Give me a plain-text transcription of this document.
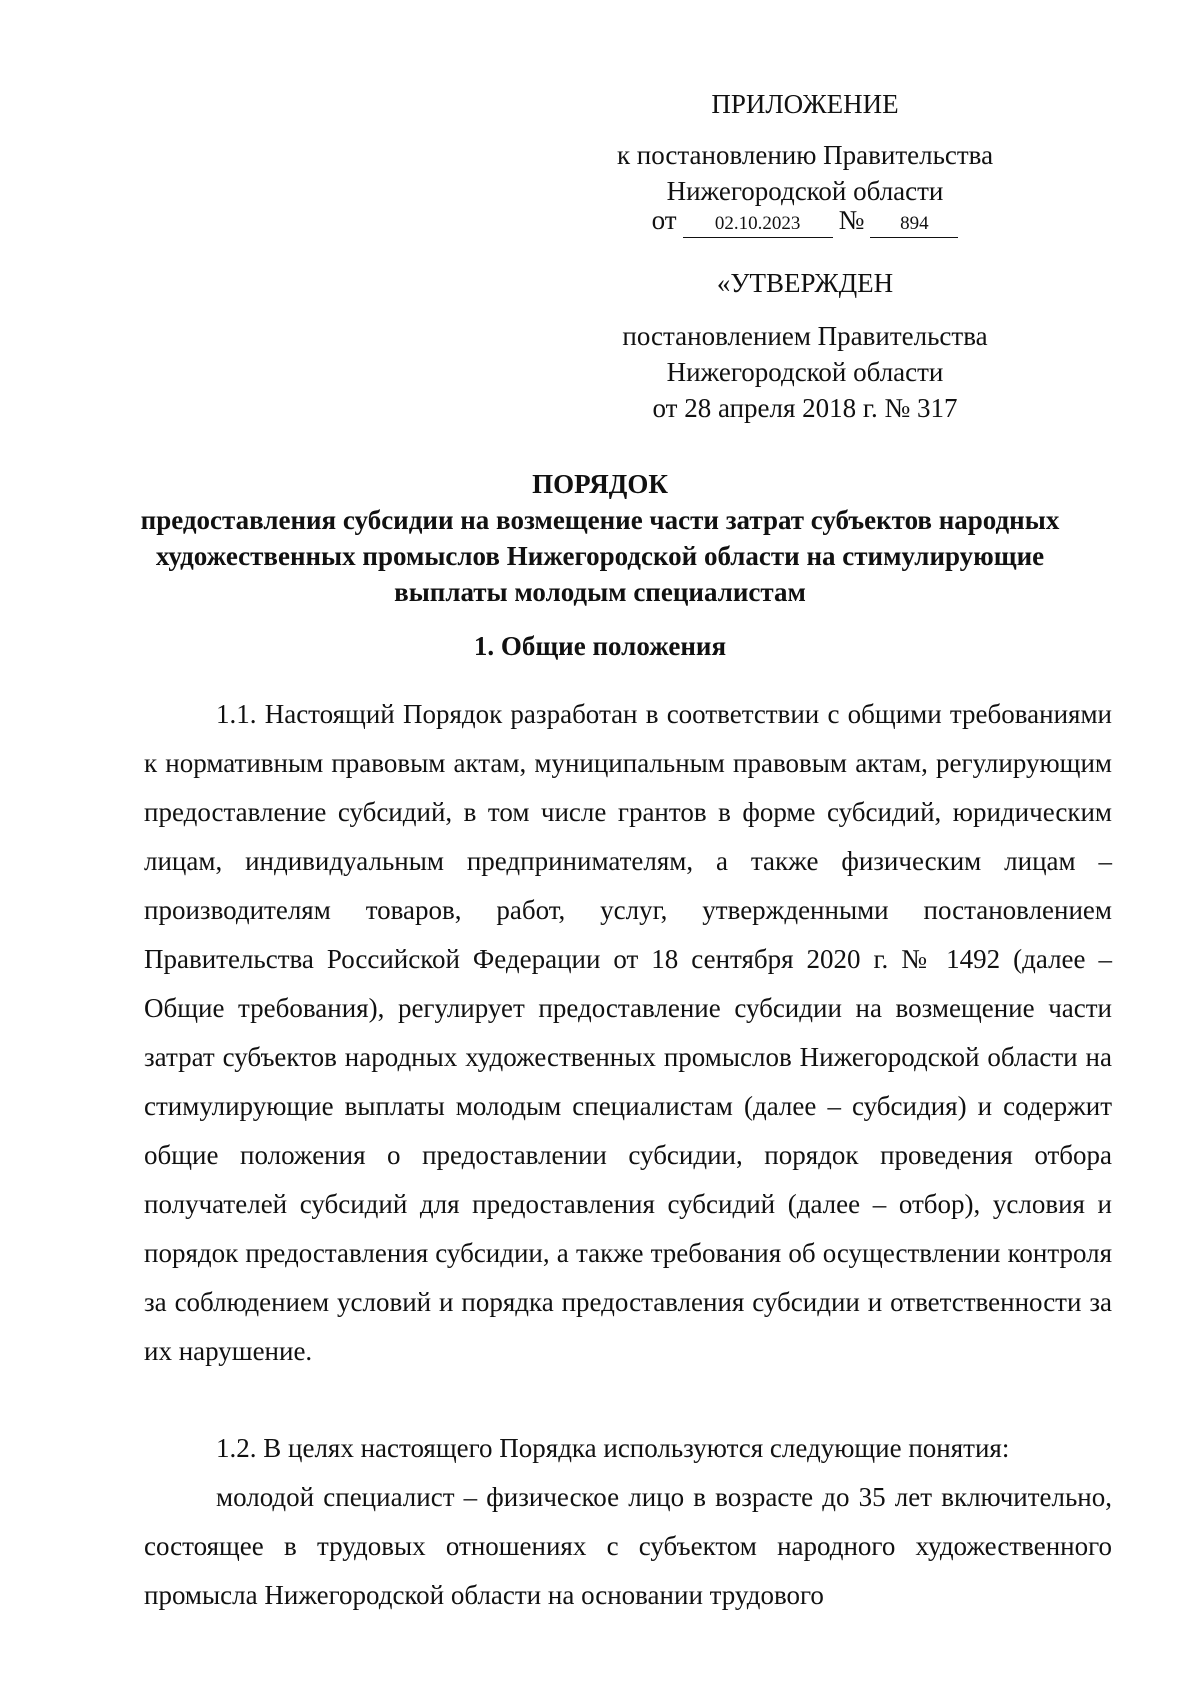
ПРИЛОЖЕНИЕ
к постановлению Правительства
Нижегородской области
от	02.10.2023	№	894
«УТВЕРЖДЕН
постановлением Правительства
Нижегородской области
от 28 апреля 2018 г. № 317
ПОРЯДОК
предоставления субсидии на возмещение части затрат субъектов народных художественных промыслов Нижегородской области на стимулирующие выплаты молодым специалистам
1. Общие положения

1.1. Настоящий Порядок разработан в соответствии с общими требованиями к нормативным правовым актам, муниципальным правовым актам, регулирующим предоставление субсидий, в том числе грантов в форме субсидий, юридическим лицам, индивидуальным предпринимателям, а также физическим лицам – производителям товаров, работ, услуг, утвержденными постановлением Правительства Российской Федерации от 18 сентября 2020 г. № 1492 (далее – Общие требования), регулирует предоставление субсидии на возмещение части затрат субъектов народных художественных промыслов Нижегородской области на стимулирующие выплаты молодым специалистам (далее – субсидия) и содержит общие положения о предоставлении субсидии, порядок проведения отбора получателей субсидий для предоставления субсидий (далее – отбор), условия и порядок предоставления субсидии, а также требования об осуществлении контроля за соблюдением условий и порядка предоставления субсидии и ответственности за их нарушение.

1.2. В целях настоящего Порядка используются следующие понятия:

молодой специалист – физическое лицо в возрасте до 35 лет включительно, состоящее в трудовых отношениях с субъектом народного художественного промысла Нижегородской области на основании трудового
